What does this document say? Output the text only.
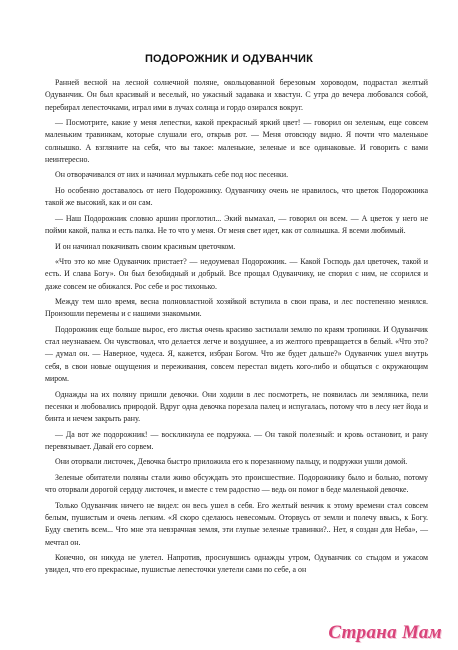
ПОДОРОЖНИК И ОДУВАНЧИК

Ранней весной на лесной солнечной поляне, окольцованной березовым хороводом, подрастал желтый Одуванчик. Он был красивый и веселый, но ужасный задавака и хвастун. С утра до вечера любовался собой, перебирал лепесточками, играл ими в лучах солнца и гордо озирался вокруг.

— Посмотрите, какие у меня лепестки, какой прекрасный яркий цвет! — говорил он зеленым, еще совсем маленьким травинкам, которые слушали его, открыв рот. — Меня отовсюду видно. Я почти что маленькое солнышко. А взгляните на себя, что вы такое: маленькие, зеленые и все одинаковые. И говорить с вами неинтересно.

Он отворачивался от них и начинал мурлыкать себе под нос песенки.

Но особенно доставалось от него Подорожнику. Одуванчику очень не нравилось, что цветок Подорожника такой же высокий, как и он сам.

— Наш Подорожник словно аршин проглотил... Экий вымахал, — говорил он всем. — А цветок у него не пойми какой, палка и есть палка. Не то что у меня. От меня свет идет, как от солнышка. Я всеми любимый.

И он начинал покачивать своим красивым цветочком.

«Что это ко мне Одуванчик пристает? — недоумевал Подорожник. — Какой Господь дал цветочек, такой и есть. И слава Богу». Он был безобидный и добрый. Все прощал Одуванчику, не спорил с ним, не ссорился и даже совсем не обижался. Рос себе и рос тихонько.

Между тем шло время, весна полновластной хозяйкой вступила в свои права, и лес постепенно менялся. Произошли перемены и с нашими знакомыми.

Подорожник еще больше вырос, его листья очень красиво застилали землю по краям тропинки. И Одуванчик стал неузнаваем. Он чувствовал, что делается легче и воздушнее, а из желтого превращается в белый. «Что это? — думал он. — Наверное, чудеса. Я, кажется, избран Богом. Что же будет дальше?» Одуванчик ушел внутрь себя, в свои новые ощущения и переживания, совсем перестал видеть кого-либо и общаться с окружающим миром.

Однажды на их поляну пришли девочки. Они ходили в лес посмотреть, не появилась ли земляника, пели песенки и любовались природой. Вдруг одна девочка порезала палец и испугалась, потому что в лесу нет йода и бинта и нечем закрыть рану.

— Да вот же подорожник! — воскликнула ее подружка. — Он такой полезный: и кровь остановит, и рану перевязывает. Давай его сорвем.

Они оторвали листочек, Девочка быстро приложила его к порезанному пальцу, и подружки ушли домой.

Зеленые обитатели поляны стали живо обсуждать это происшествие. Подорожнику было и больно, потому что оторвали дорогой сердцу листочек, и вместе с тем радостно — ведь он помог в беде маленькой девочке.

Только Одуванчик ничего не видел: он весь ушел в себя. Его желтый венчик к этому времени стал совсем белым, пушистым и очень легким. «Я скоро сделаюсь невесомым. Оторвусь от земли и полечу ввысь, к Богу. Буду светить всем... Что мне эта невзрачная земля, эти глупые зеленые травинки?.. Нет, я создан для Неба», — мечтал он.

Конечно, он никуда не улетел. Напротив, проснувшись однажды утром, Одуванчик со стыдом и ужасом увидел, что его прекрасные, пушистые лепесточки улетели сами по себе, а он

Страна Мам
